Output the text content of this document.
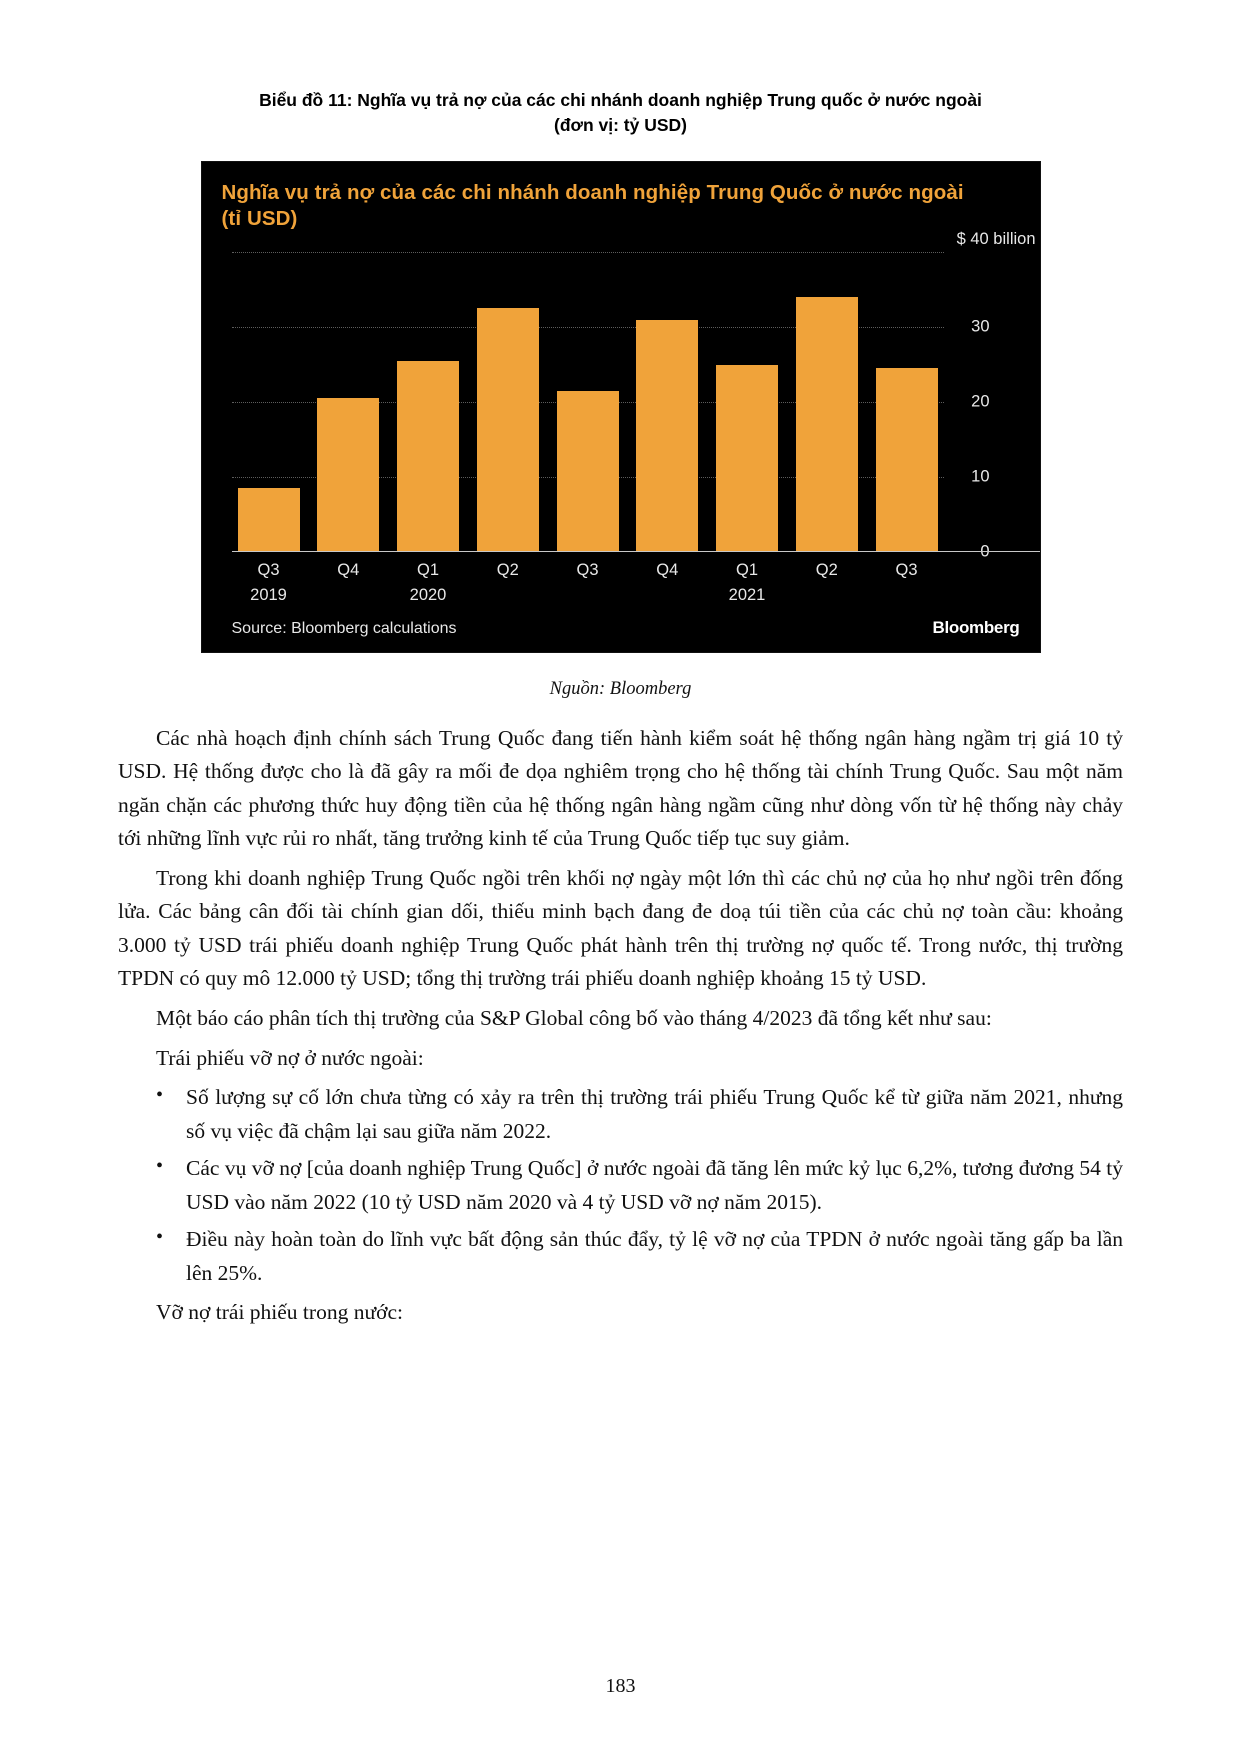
Biểu đồ 11: Nghĩa vụ trả nợ của các chi nhánh doanh nghiệp Trung quốc ở nước ngoài
(đơn vị: tỷ USD)
Nghĩa vụ trả nợ của các chi nhánh doanh nghiệp Trung Quốc ở nước ngoài
(tỉ USD)
$ 40 billion
30
20
10
0
Q3
2019
Q4	Q1
2020
Q2	Q3	Q4	Q1
2021
Q2	Q3
Source: Bloomberg calculations	Bloomberg
Nguồn: Bloomberg

Các nhà hoạch định chính sách Trung Quốc đang tiến hành kiểm soát hệ thống ngân hàng ngầm trị giá 10 tỷ USD. Hệ thống được cho là đã gây ra mối đe dọa nghiêm trọng cho hệ thống tài chính Trung Quốc. Sau một năm ngăn chặn các phương thức huy động tiền của hệ thống ngân hàng ngầm cũng như dòng vốn từ hệ thống này chảy tới những lĩnh vực rủi ro nhất, tăng trưởng kinh tế của Trung Quốc tiếp tục suy giảm.

Trong khi doanh nghiệp Trung Quốc ngồi trên khối nợ ngày một lớn thì các chủ nợ của họ như ngồi trên đống lửa. Các bảng cân đối tài chính gian dối, thiếu minh bạch đang đe doạ túi tiền của các chủ nợ toàn cầu: khoảng 3.000 tỷ USD trái phiếu doanh nghiệp Trung Quốc phát hành trên thị trường nợ quốc tế. Trong nước, thị trường TPDN có quy mô 12.000 tỷ USD; tổng thị trường trái phiếu doanh nghiệp khoảng 15 tỷ USD.

Một báo cáo phân tích thị trường của S&P Global công bố vào tháng 4/2023 đã tổng kết như sau:

Trái phiếu vỡ nợ ở nước ngoài:

• Số lượng sự cố lớn chưa từng có xảy ra trên thị trường trái phiếu Trung Quốc kể từ giữa năm 2021, nhưng số vụ việc đã chậm lại sau giữa năm 2022.
• Các vụ vỡ nợ [của doanh nghiệp Trung Quốc] ở nước ngoài đã tăng lên mức kỷ lục 6,2%, tương đương 54 tỷ USD vào năm 2022 (10 tỷ USD năm 2020 và 4 tỷ USD vỡ nợ năm 2015).
• Điều này hoàn toàn do lĩnh vực bất động sản thúc đẩy, tỷ lệ vỡ nợ của TPDN ở nước ngoài tăng gấp ba lần lên 25%.

Vỡ nợ trái phiếu trong nước:

183
